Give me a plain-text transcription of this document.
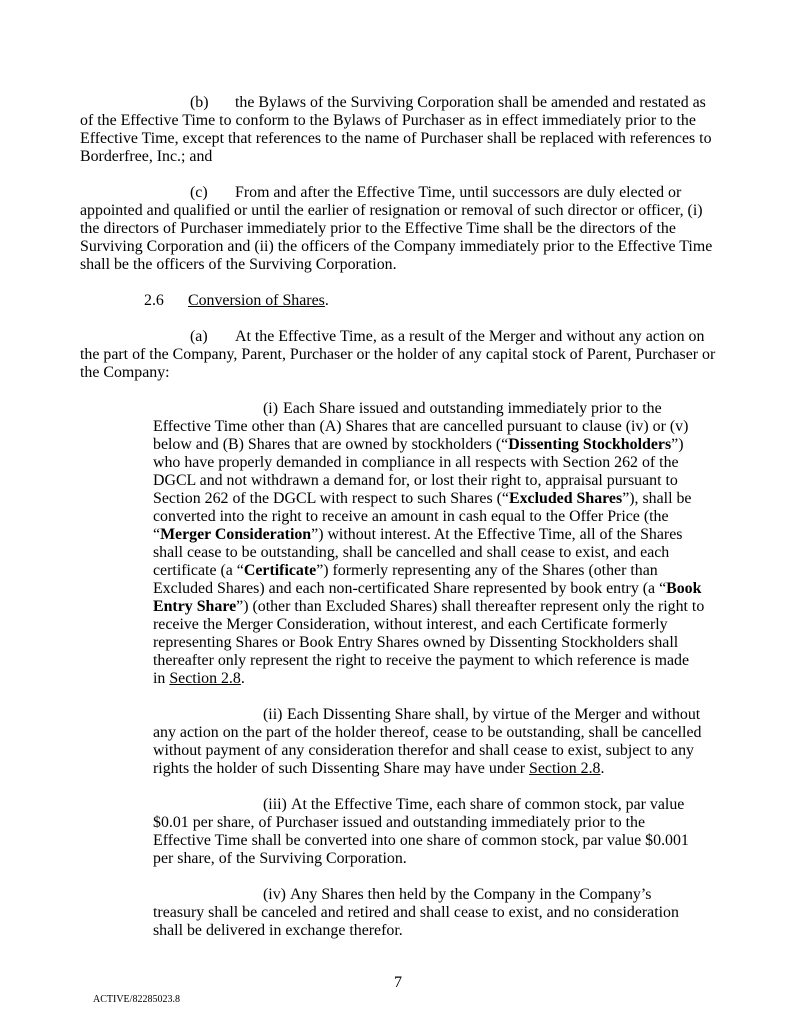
(b) the Bylaws of the Surviving Corporation shall be amended and restated as of the Effective Time to conform to the Bylaws of Purchaser as in effect immediately prior to the Effective Time, except that references to the name of Purchaser shall be replaced with references to Borderfree, Inc.; and

(c) From and after the Effective Time, until successors are duly elected or appointed and qualified or until the earlier of resignation or removal of such director or officer, (i) the directors of Purchaser immediately prior to the Effective Time shall be the directors of the Surviving Corporation and (ii) the officers of the Company immediately prior to the Effective Time shall be the officers of the Surviving Corporation.

2.6 Conversion of Shares.

(a) At the Effective Time, as a result of the Merger and without any action on the part of the Company, Parent, Purchaser or the holder of any capital stock of Parent, Purchaser or the Company:

(i) Each Share issued and outstanding immediately prior to the Effective Time other than (A) Shares that are cancelled pursuant to clause (iv) or (v) below and (B) Shares that are owned by stockholders (“Dissenting Stockholders”) who have properly demanded in compliance in all respects with Section 262 of the DGCL and not withdrawn a demand for, or lost their right to, appraisal pursuant to Section 262 of the DGCL with respect to such Shares (“Excluded Shares”), shall be converted into the right to receive an amount in cash equal to the Offer Price (the “Merger Consideration”) without interest. At the Effective Time, all of the Shares shall cease to be outstanding, shall be cancelled and shall cease to exist, and each certificate (a “Certificate”) formerly representing any of the Shares (other than Excluded Shares) and each non-certificated Share represented by book entry (a “Book Entry Share”) (other than Excluded Shares) shall thereafter represent only the right to receive the Merger Consideration, without interest, and each Certificate formerly representing Shares or Book Entry Shares owned by Dissenting Stockholders shall thereafter only represent the right to receive the payment to which reference is made in Section 2.8.

(ii) Each Dissenting Share shall, by virtue of the Merger and without any action on the part of the holder thereof, cease to be outstanding, shall be cancelled without payment of any consideration therefor and shall cease to exist, subject to any rights the holder of such Dissenting Share may have under Section 2.8.

(iii) At the Effective Time, each share of common stock, par value $0.01 per share, of Purchaser issued and outstanding immediately prior to the Effective Time shall be converted into one share of common stock, par value $0.001 per share, of the Surviving Corporation.

(iv) Any Shares then held by the Company in the Company’s treasury shall be canceled and retired and shall cease to exist, and no consideration shall be delivered in exchange therefor.

7
ACTIVE/82285023.8
